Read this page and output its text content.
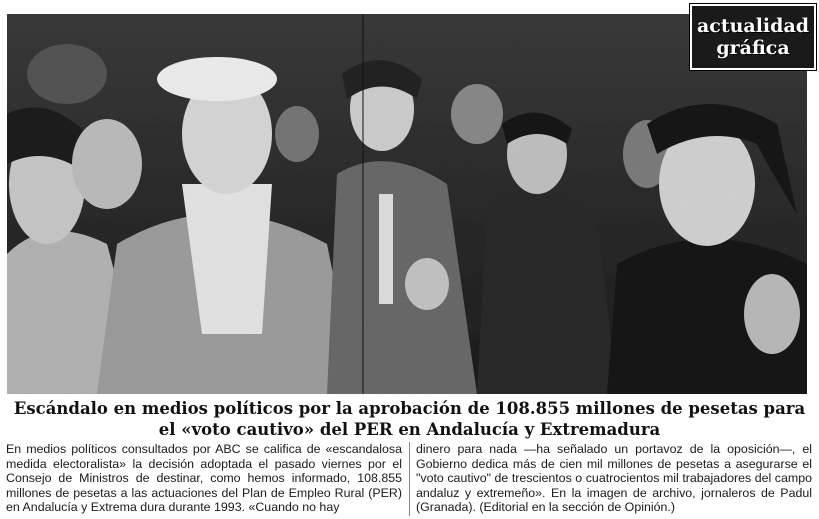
actualidad
gráfica
Escándalo en medios políticos por la aprobación de 108.855 millones de pesetas para
el «voto cautivo» del PER en Andalucía y Extremadura
En medios políticos consultados por ABC se califica de «escandalosa medida electoralista» la decisión adoptada el pasado viernes por el Consejo de Ministros de destinar, como hemos informado, 108.855 millones de pesetas a las actuaciones del Plan de Empleo Rural (PER) en Andalucía y Extrema dura durante 1993. «Cuando no hay
dinero para nada —ha señalado un portavoz de la oposición—, el Gobierno dedica más de cien mil millones de pesetas a asegurarse el "voto cautivo" de trescientos o cuatrocientos mil trabajadores del campo andaluz y extremeño». En la imagen de archivo, jornaleros de Padul (Granada). (Editorial en la sección de Opinión.)
